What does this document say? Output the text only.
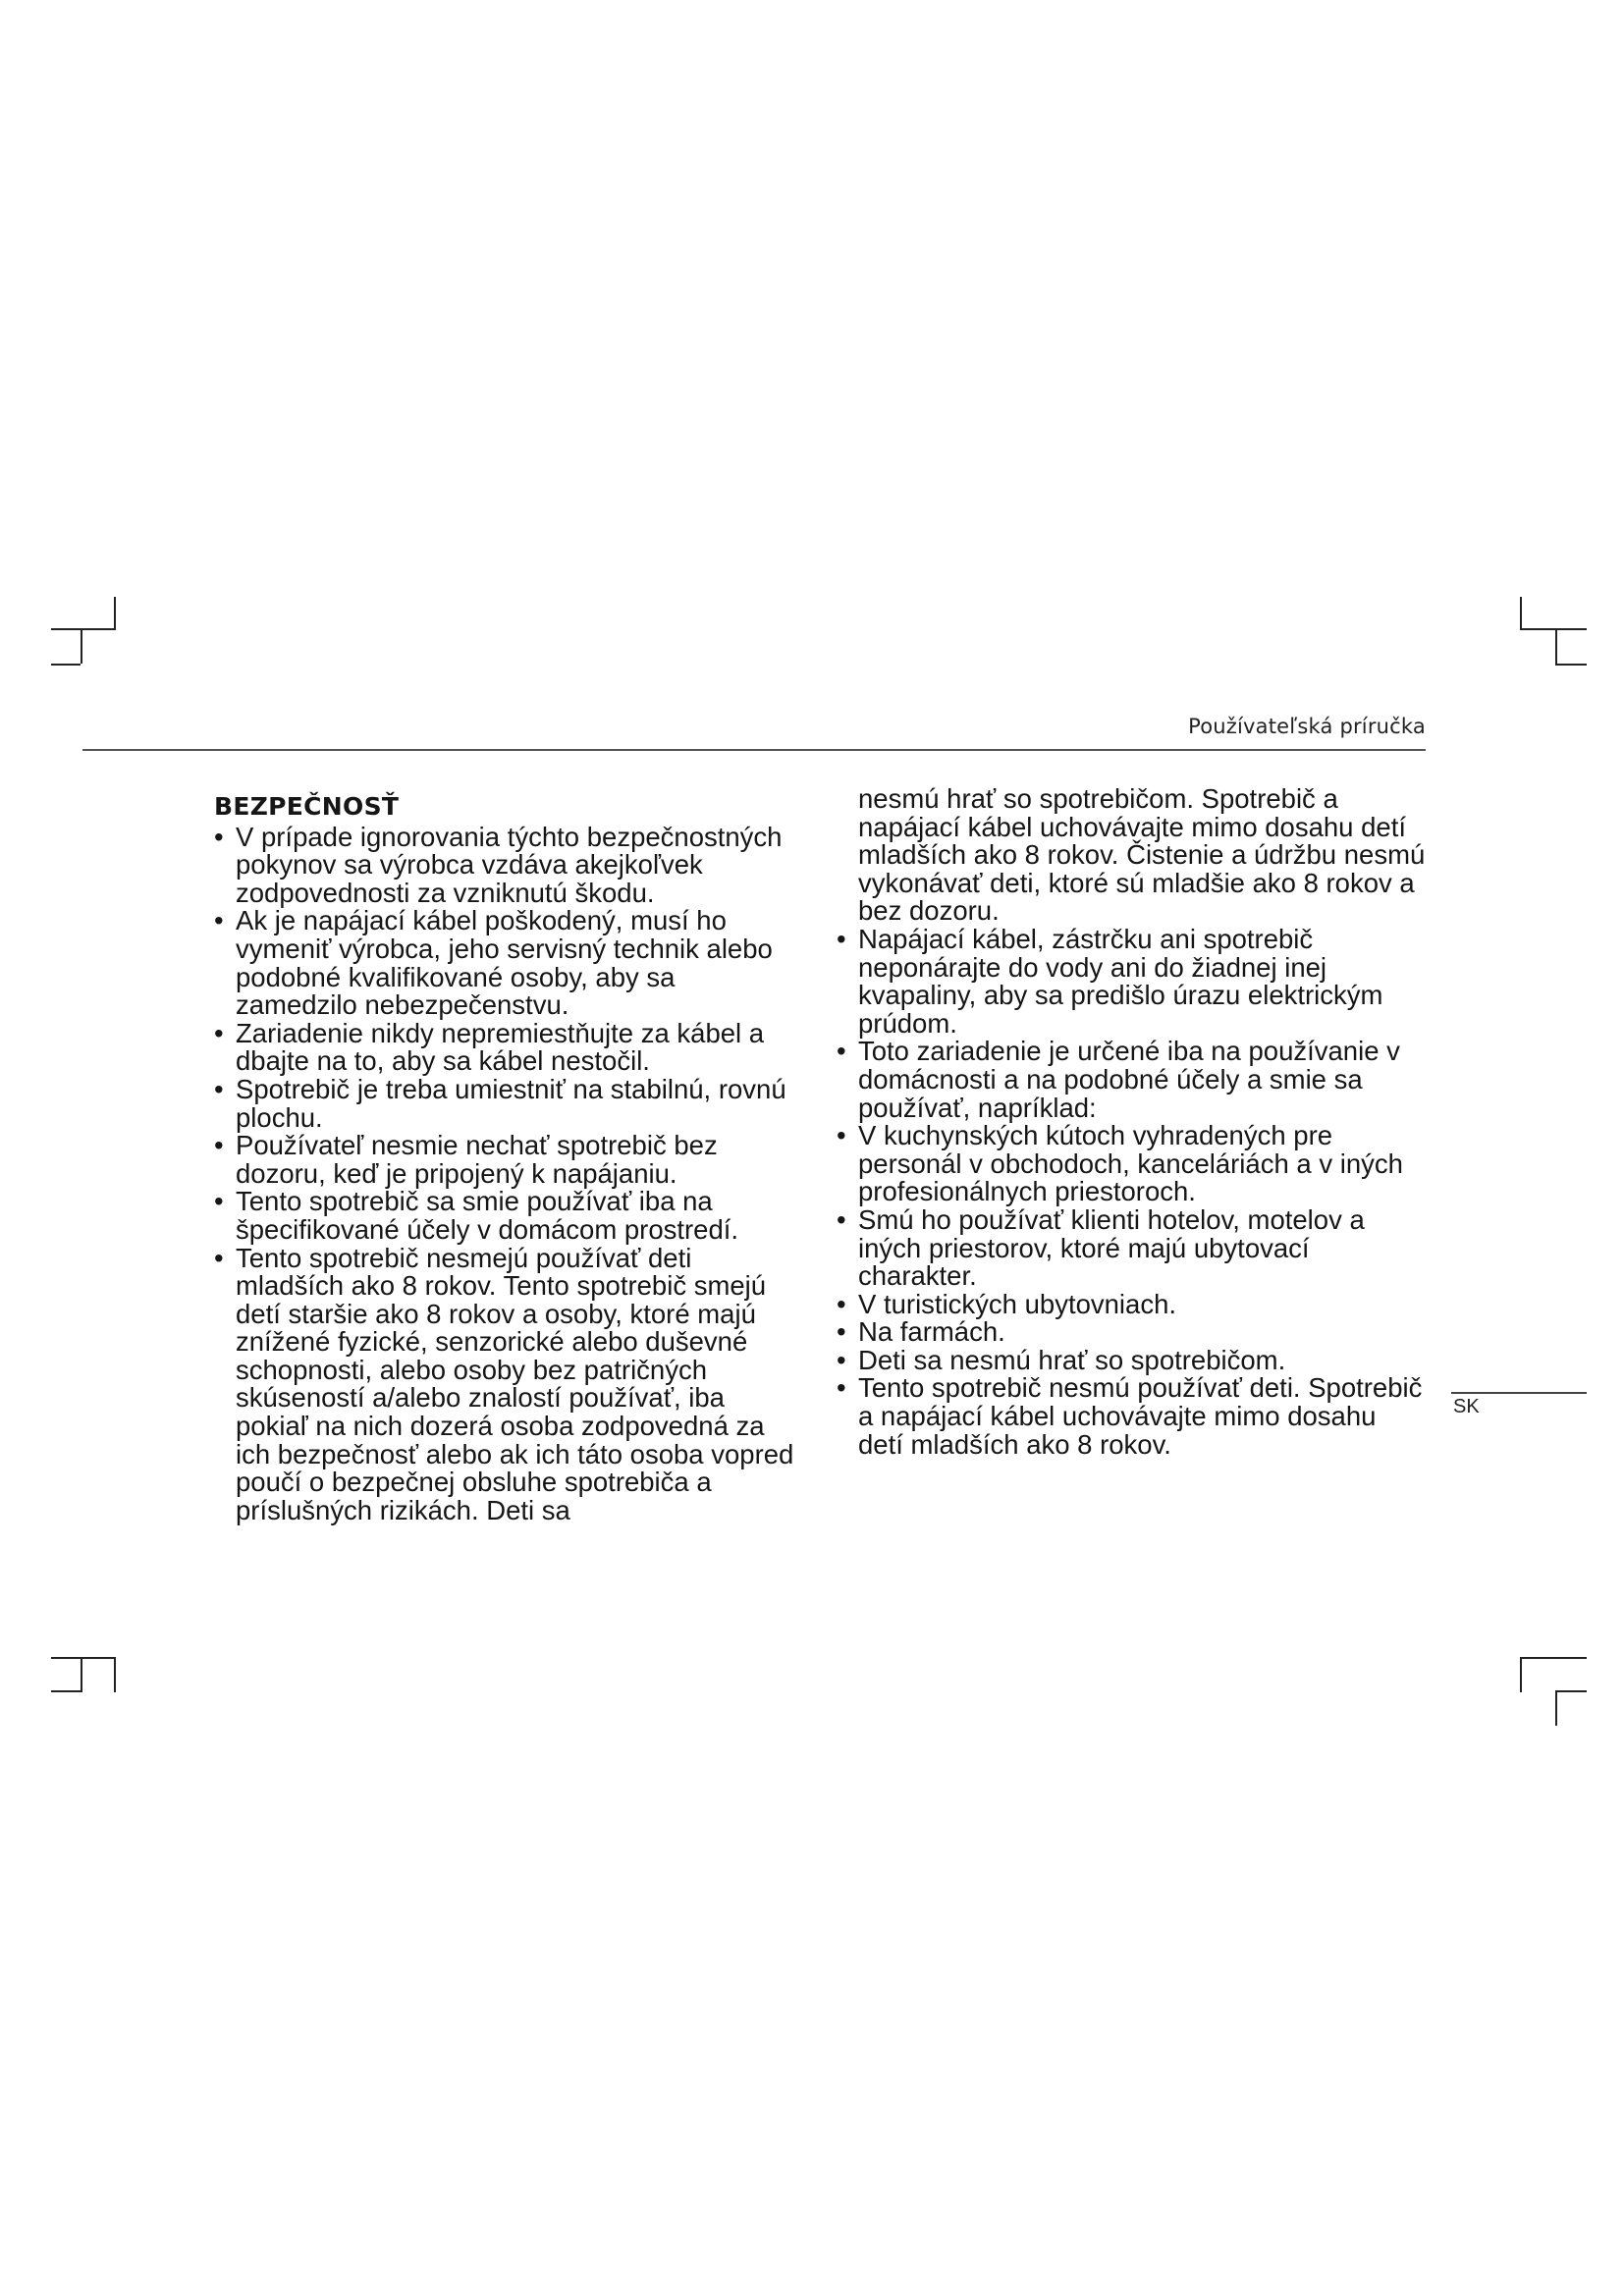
Používateľská príručka
BEZPEČNOSŤ
• V prípade ignorovania týchto bezpečnostných pokynov sa výrobca vzdáva akejkoľvek zodpovednosti za vzniknutú škodu.
• Ak je napájací kábel poškodený, musí ho vymeniť výrobca, jeho servisný technik alebo podobné kvalifikované osoby, aby sa zamedzilo nebezpečenstvu.
• Zariadenie nikdy nepremiestňujte za kábel a dbajte na to, aby sa kábel nestočil.
• Spotrebič je treba umiestniť na stabilnú, rovnú plochu.
• Používateľ nesmie nechať spotrebič bez dozoru, keď je pripojený k napájaniu.
• Tento spotrebič sa smie používať iba na špecifikované účely v domácom prostredí.
• Tento spotrebič nesmejú používať deti mladších ako 8 rokov. Tento spotrebič smejú detí staršie ako 8 rokov a osoby, ktoré majú znížené fyzické, senzorické alebo duševné schopnosti, alebo osoby bez patričných skúseností a/alebo znalostí používať, iba pokiaľ na nich dozerá osoba zodpovedná za ich bezpečnosť alebo ak ich táto osoba vopred poučí o bezpečnej obsluhe spotrebiča a príslušných rizikách. Deti sa
nesmú hrať so spotrebičom. Spotrebič a napájací kábel uchovávajte mimo dosahu detí mladších ako 8 rokov. Čistenie a údržbu nesmú vykonávať deti, ktoré sú mladšie ako 8 rokov a bez dozoru.
• Napájací kábel, zástrčku ani spotrebič neponárajte do vody ani do žiadnej inej kvapaliny, aby sa predišlo úrazu elektrickým prúdom.
• Toto zariadenie je určené iba na používanie v domácnosti a na podobné účely a smie sa používať, napríklad:
• V kuchynských kútoch vyhradených pre personál v obchodoch, kanceláriách a v iných profesionálnych priestoroch.
• Smú ho používať klienti hotelov, motelov a iných priestorov, ktoré majú ubytovací charakter.
• V turistických ubytovniach.
• Na farmách.
• Deti sa nesmú hrať so spotrebičom.
• Tento spotrebič nesmú používať deti. Spotrebič a napájací kábel uchovávajte mimo dosahu detí mladších ako 8 rokov.
SK
